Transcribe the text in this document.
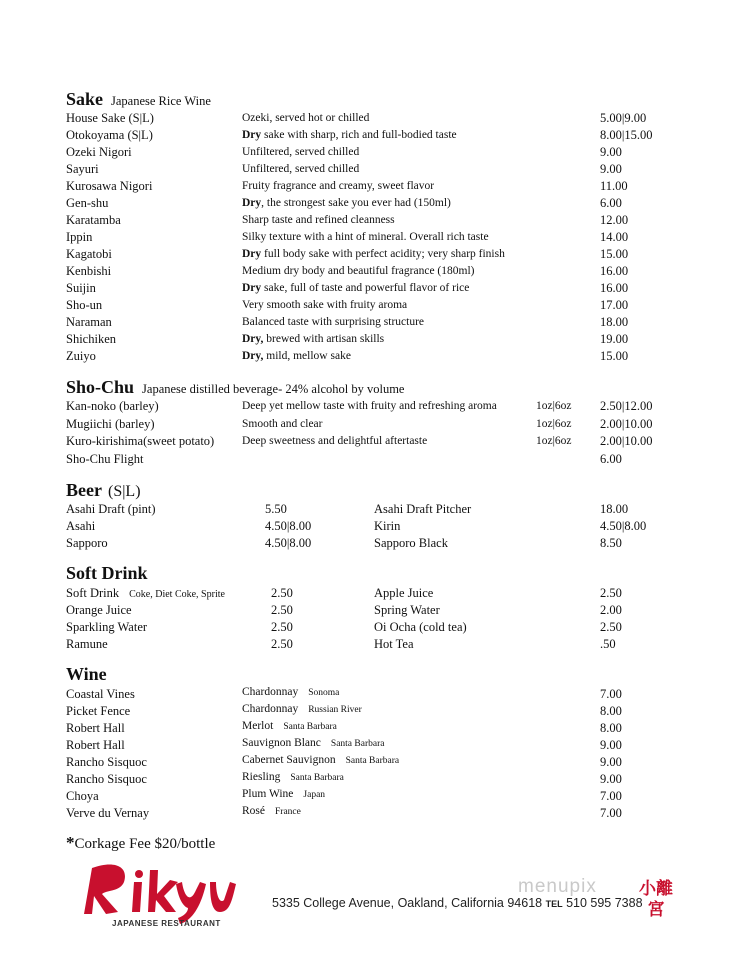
Sake Japanese Rice Wine
House Sake (S|L)	Ozeki, served hot or chilled	5.00|9.00
Otokoyama (S|L)	Dry sake with sharp, rich and full-bodied taste	8.00|15.00
Ozeki Nigori	Unfiltered, served chilled	9.00
Sayuri	Unfiltered, served chilled	9.00
Kurosawa Nigori	Fruity fragrance and creamy, sweet flavor	11.00
Gen-shu	Dry, the strongest sake you ever had (150ml)	6.00
Karatamba	Sharp taste and refined cleanness	12.00
Ippin	Silky texture with a hint of mineral. Overall rich taste	14.00
Kagatobi	Dry full body sake with perfect acidity; very sharp finish	15.00
Kenbishi	Medium dry body and beautiful fragrance (180ml)	16.00
Suijin	Dry sake, full of taste and powerful flavor of rice	16.00
Sho-un	Very smooth sake with fruity aroma	17.00
Naraman	Balanced taste with surprising structure	18.00
Shichiken	Dry, brewed with artisan skills	19.00
Zuiyo	Dry, mild, mellow sake	15.00
Sho-Chu Japanese distilled beverage- 24% alcohol by volume
Kan-noko (barley)	Deep yet mellow taste with fruity and refreshing aroma	1oz|6oz 2.50|12.00
Mugiichi (barley)	Smooth and clear	1oz|6oz 2.00|10.00
Kuro-kirishima(sweet potato) Deep sweetness and delightful aftertaste	1oz|6oz 2.00|10.00
Sho-Chu Flight	6.00
Beer (S|L)
Asahi Draft (pint)	5.50	Asahi Draft Pitcher	18.00
Asahi	4.50|8.00	Kirin	4.50|8.00
Sapporo	4.50|8.00	Sapporo Black	8.50
Soft Drink
Soft Drink Coke, Diet Coke, Sprite	2.50	Apple Juice	2.50
Orange Juice	2.50	Spring Water	2.00
Sparkling Water	2.50	Oi Ocha (cold tea)	2.50
Ramune	2.50	Hot Tea	.50
Wine
Coastal Vines	Chardonnay Sonoma	7.00
Picket Fence	Chardonnay Russian River	8.00
Robert Hall	Merlot Santa Barbara	8.00
Robert Hall	Sauvignon Blanc Santa Barbara	9.00
Rancho Sisquoc	Cabernet Sauvignon Santa Barbara	9.00
Rancho Sisquoc	Riesling Santa Barbara	9.00
Choya	Plum Wine Japan	7.00
Verve du Vernay	Rosé France	7.00
*Corkage Fee $20/bottle
JAPANESE RESTAURANT
5335 College Avenue, Oakland, California 94618 TEL 510 595 7388
menupix 小離宮
